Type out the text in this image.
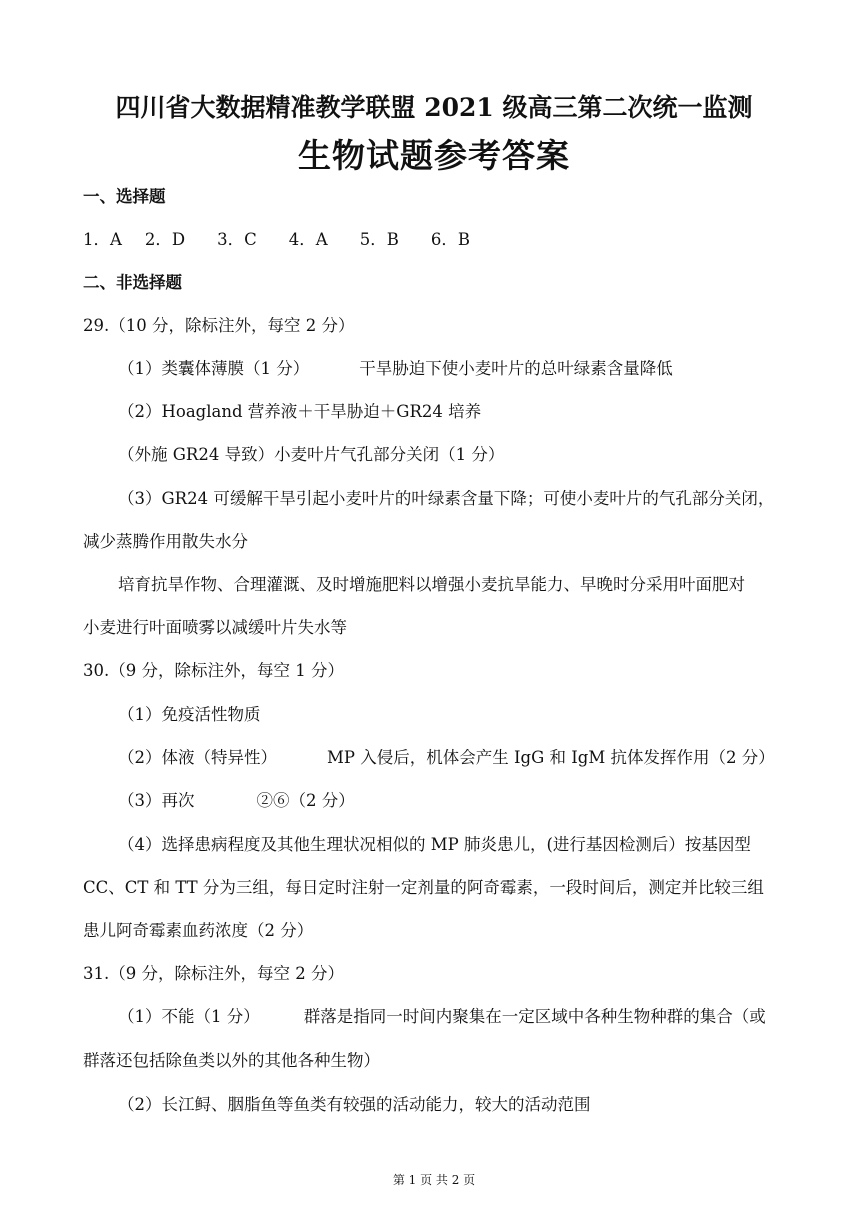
四川省大数据精准教学联盟 2021 级高三第二次统一监测
生物试题参考答案
一、选择题
1．A 2．D 3．C 4．A 5．B 6．B
二、非选择题
29.（10 分，除标注外，每空 2 分）
（1）类囊体薄膜（1 分）	干旱胁迫下使小麦叶片的总叶绿素含量降低
（2）Hoagland 营养液＋干旱胁迫＋GR24 培养
（外施 GR24 导致）小麦叶片气孔部分关闭（1 分）
（3）GR24 可缓解干旱引起小麦叶片的叶绿素含量下降；可使小麦叶片的气孔部分关闭，
减少蒸腾作用散失水分
培育抗旱作物、合理灌溉、及时增施肥料以增强小麦抗旱能力、早晚时分采用叶面肥对
小麦进行叶面喷雾以减缓叶片失水等
30.（9 分，除标注外，每空 1 分）
（1）免疫活性物质
（2）体液（特异性）	MP 入侵后，机体会产生 IgG 和 IgM 抗体发挥作用（2 分）
（3）再次	②⑥（2 分）
（4）选择患病程度及其他生理状况相似的 MP 肺炎患儿，(进行基因检测后）按基因型
CC、CT 和 TT 分为三组，每日定时注射一定剂量的阿奇霉素，一段时间后，测定并比较三组
患儿阿奇霉素血药浓度（2 分）
31.（9 分，除标注外，每空 2 分）
（1）不能（1 分）	群落是指同一时间内聚集在一定区域中各种生物种群的集合（或
群落还包括除鱼类以外的其他各种生物）
（2）长江鲟、胭脂鱼等鱼类有较强的活动能力，较大的活动范围
第 1 页 共 2 页
